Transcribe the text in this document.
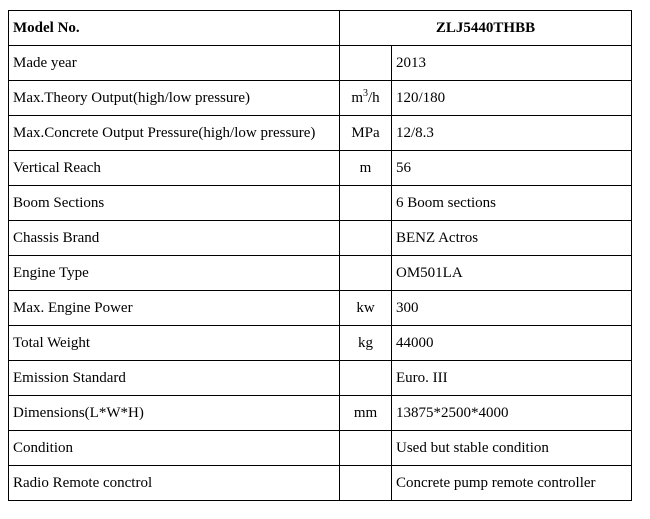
Model No.	ZLJ5440THBB	
Made year		2013
Max.Theory Output(high/low pressure)	$m^3/h$	120/180
Max.Concrete Output Pressure(high/low pressure)	MPa	12/8.3
Vertical Reach	m	56
Boom Sections		6 Boom sections
Chassis Brand		BENZ Actros
Engine Type		OM501LA
Max. Engine Power	kw	300
Total Weight	kg	44000
Emission Standard		Euro. III
Dimensions(L*W*H)	mm	13875*2500*4000
Condition		Used but stable condition
Radio Remote conctrol		Concrete pump remote controller
